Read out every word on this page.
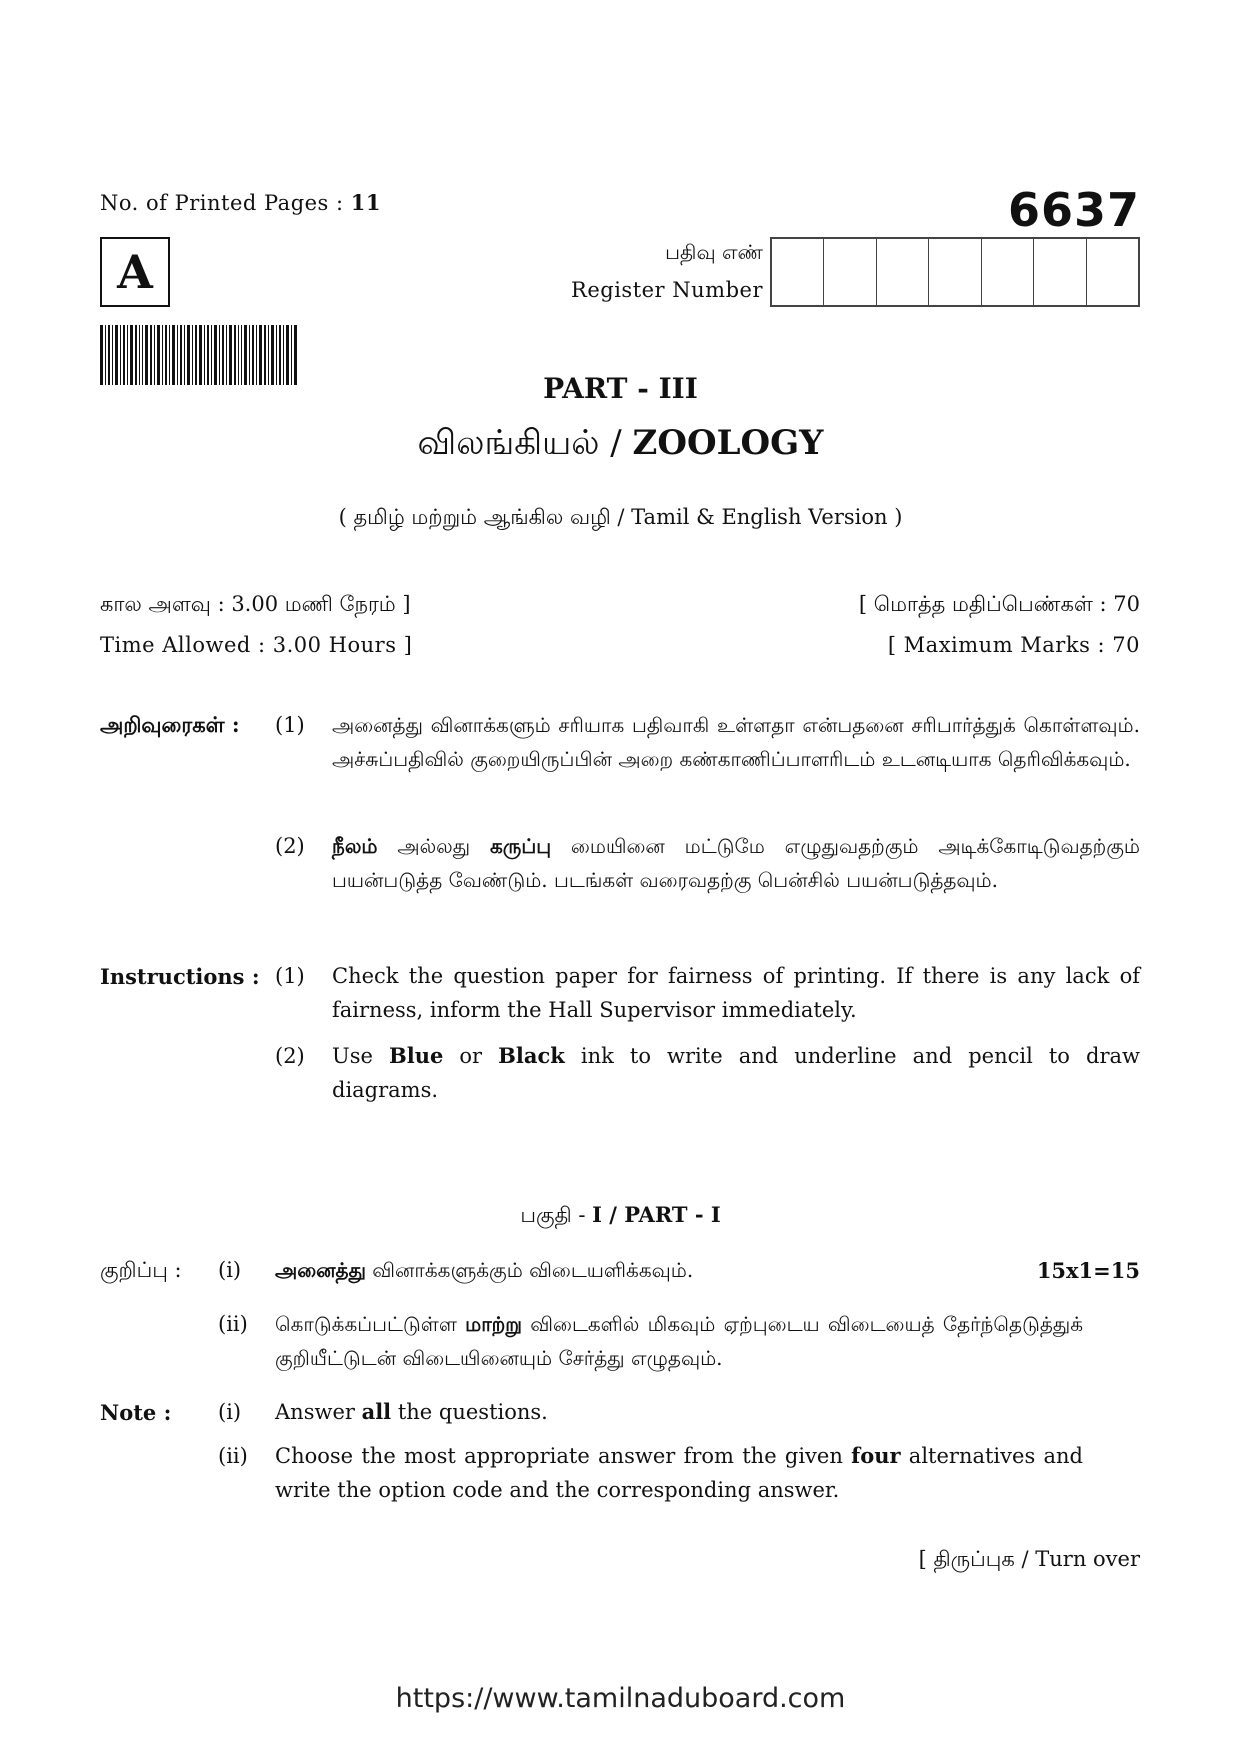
No. of Printed Pages : 11	6637
A	பதிவு எண்
Register Number
PART - III
விலங்கியல் / ZOOLOGY
( தமிழ் மற்றும் ஆங்கில வழி / Tamil & English Version )
கால அளவு : 3.00 மணி நேரம் ]
Time Allowed : 3.00 Hours ]
[ மொத்த மதிப்பெண்கள் : 70
[ Maximum Marks : 70
அறிவுரைகள் : (1) அனைத்து வினாக்களும் சரியாக பதிவாகி உள்ளதா என்பதனை சரிபார்த்துக் கொள்ளவும். அச்சுப்பதிவில் குறையிருப்பின் அறை கண்காணிப்பாளரிடம் உடனடியாக தெரிவிக்கவும்.
(2) நீலம் அல்லது கருப்பு மையினை மட்டுமே எழுதுவதற்கும் அடிக்கோடிடுவதற்கும் பயன்படுத்த வேண்டும். படங்கள் வரைவதற்கு பென்சில் பயன்படுத்தவும்.
Instructions : (1) Check the question paper for fairness of printing. If there is any lack of fairness, inform the Hall Supervisor immediately.
(2) Use Blue or Black ink to write and underline and pencil to draw diagrams.
பகுதி - I / PART - I
குறிப்பு : (i) அனைத்து வினாக்களுக்கும் விடையளிக்கவும்.	15x1=15
(ii) கொடுக்கப்பட்டுள்ள மாற்று விடைகளில் மிகவும் ஏற்புடைய விடையைத் தேர்ந்தெடுத்துக் குறியீட்டுடன் விடையினையும் சேர்த்து எழுதவும்.
Note : (i) Answer all the questions.
(ii) Choose the most appropriate answer from the given four alternatives and write the option code and the corresponding answer.
[ திருப்புக / Turn over
https://www.tamilnaduboard.com
